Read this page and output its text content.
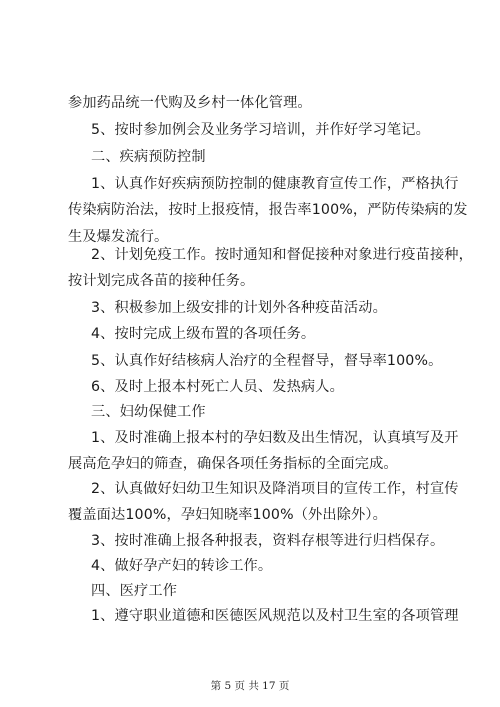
参加药品统一代购及乡村一体化管理。
5、按时参加例会及业务学习培训，并作好学习笔记。
二、疾病预防控制
1、认真作好疾病预防控制的健康教育宣传工作，严格执行
传染病防治法，按时上报疫情，报告率100%，严防传染病的发
生及爆发流行。
2、计划免疫工作。按时通知和督促接种对象进行疫苗接种，
按计划完成各苗的接种任务。
3、积极参加上级安排的计划外各种疫苗活动。
4、按时完成上级布置的各项任务。
5、认真作好结核病人治疗的全程督导，督导率100%。
6、及时上报本村死亡人员、发热病人。
三、妇幼保健工作
1、及时准确上报本村的孕妇数及出生情况，认真填写及开
展高危孕妇的筛查，确保各项任务指标的全面完成。
2、认真做好妇幼卫生知识及降消项目的宣传工作，村宣传
覆盖面达100%，孕妇知晓率100%（外出除外）。
3、按时准确上报各种报表，资料存根等进行归档保存。
4、做好孕产妇的转诊工作。
四、医疗工作
1、遵守职业道德和医德医风规范以及村卫生室的各项管理
第 5 页 共 17 页
